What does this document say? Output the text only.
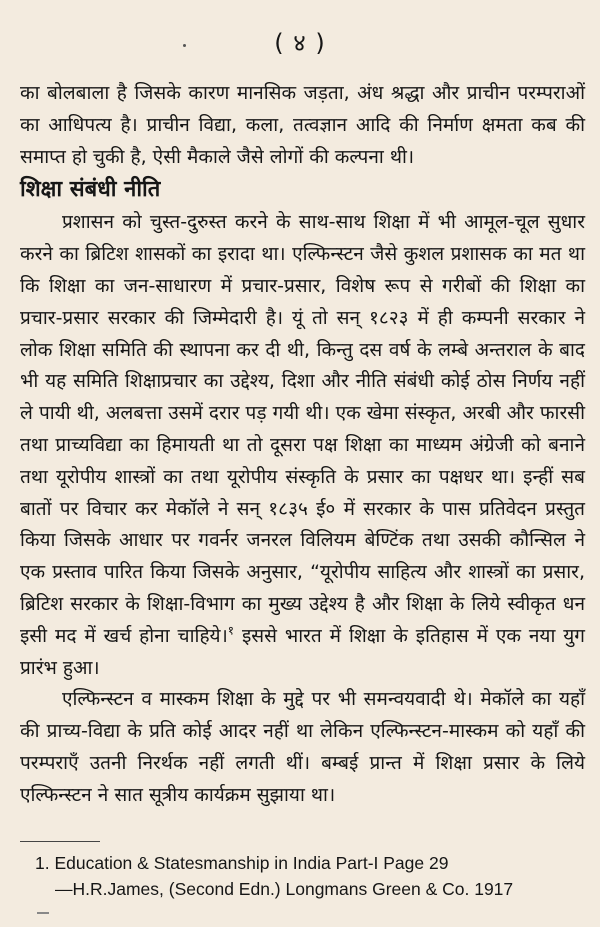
( ४ )

का बोलबाला है जिसके कारण मानसिक जड़ता, अंध श्रद्धा और प्राचीन परम्पराओं का आधिपत्य है। प्राचीन विद्या, कला, तत्वज्ञान आदि की निर्माण क्षमता कब की समाप्त हो चुकी है, ऐसी मैकाले जैसे लोगों की कल्पना थी।

शिक्षा संबंधी नीति

प्रशासन को चुस्त-दुरुस्त करने के साथ-साथ शिक्षा में भी आमूल-चूल सुधार करने का ब्रिटिश शासकों का इरादा था। एल्फिन्स्टन जैसे कुशल प्रशासक का मत था कि शिक्षा का जन-साधारण में प्रचार-प्रसार, विशेष रूप से गरीबों की शिक्षा का प्रचार-प्रसार सरकार की जिम्मेदारी है। यूं तो सन् १८२३ में ही कम्पनी सरकार ने लोक शिक्षा समिति की स्थापना कर दी थी, किन्तु दस वर्ष के लम्बे अन्तराल के बाद भी यह समिति शिक्षाप्रचार का उद्देश्य, दिशा और नीति संबंधी कोई ठोस निर्णय नहीं ले पायी थी, अलबत्ता उसमें दरार पड़ गयी थी। एक खेमा संस्कृत, अरबी और फारसी तथा प्राच्यविद्या का हिमायती था तो दूसरा पक्ष शिक्षा का माध्यम अंग्रेजी को बनाने तथा यूरोपीय शास्त्रों का तथा यूरोपीय संस्कृति के प्रसार का पक्षधर था। इन्हीं सब बातों पर विचार कर मेकॉले ने सन् १८३५ ई० में सरकार के पास प्रतिवेदन प्रस्तुत किया जिसके आधार पर गवर्नर जनरल विलियम बेण्टिंक तथा उसकी कौन्सिल ने एक प्रस्ताव पारित किया जिसके अनुसार, “यूरोपीय साहित्य और शास्त्रों का प्रसार, ब्रिटिश सरकार के शिक्षा-विभाग का मुख्य उद्देश्य है और शिक्षा के लिये स्वीकृत धन इसी मद में खर्च होना चाहिये।$^१$ इससे भारत में शिक्षा के इतिहास में एक नया युग प्रारंभ हुआ।

एल्फिन्स्टन व मास्कम शिक्षा के मुद्दे पर भी समन्वयवादी थे। मेकॉले का यहाँ की प्राच्य-विद्या के प्रति कोई आदर नहीं था लेकिन एल्फिन्स्टन-मास्कम को यहाँ की परम्पराएँ उतनी निरर्थक नहीं लगती थीं। बम्बई प्रान्त में शिक्षा प्रसार के लिये एल्फिन्स्टन ने सात सूत्रीय कार्यक्रम सुझाया था।

1. Education & Statesmanship in India Part-I Page 29
—H.R.James, (Second Edn.) Longmans Green & Co. 1917
